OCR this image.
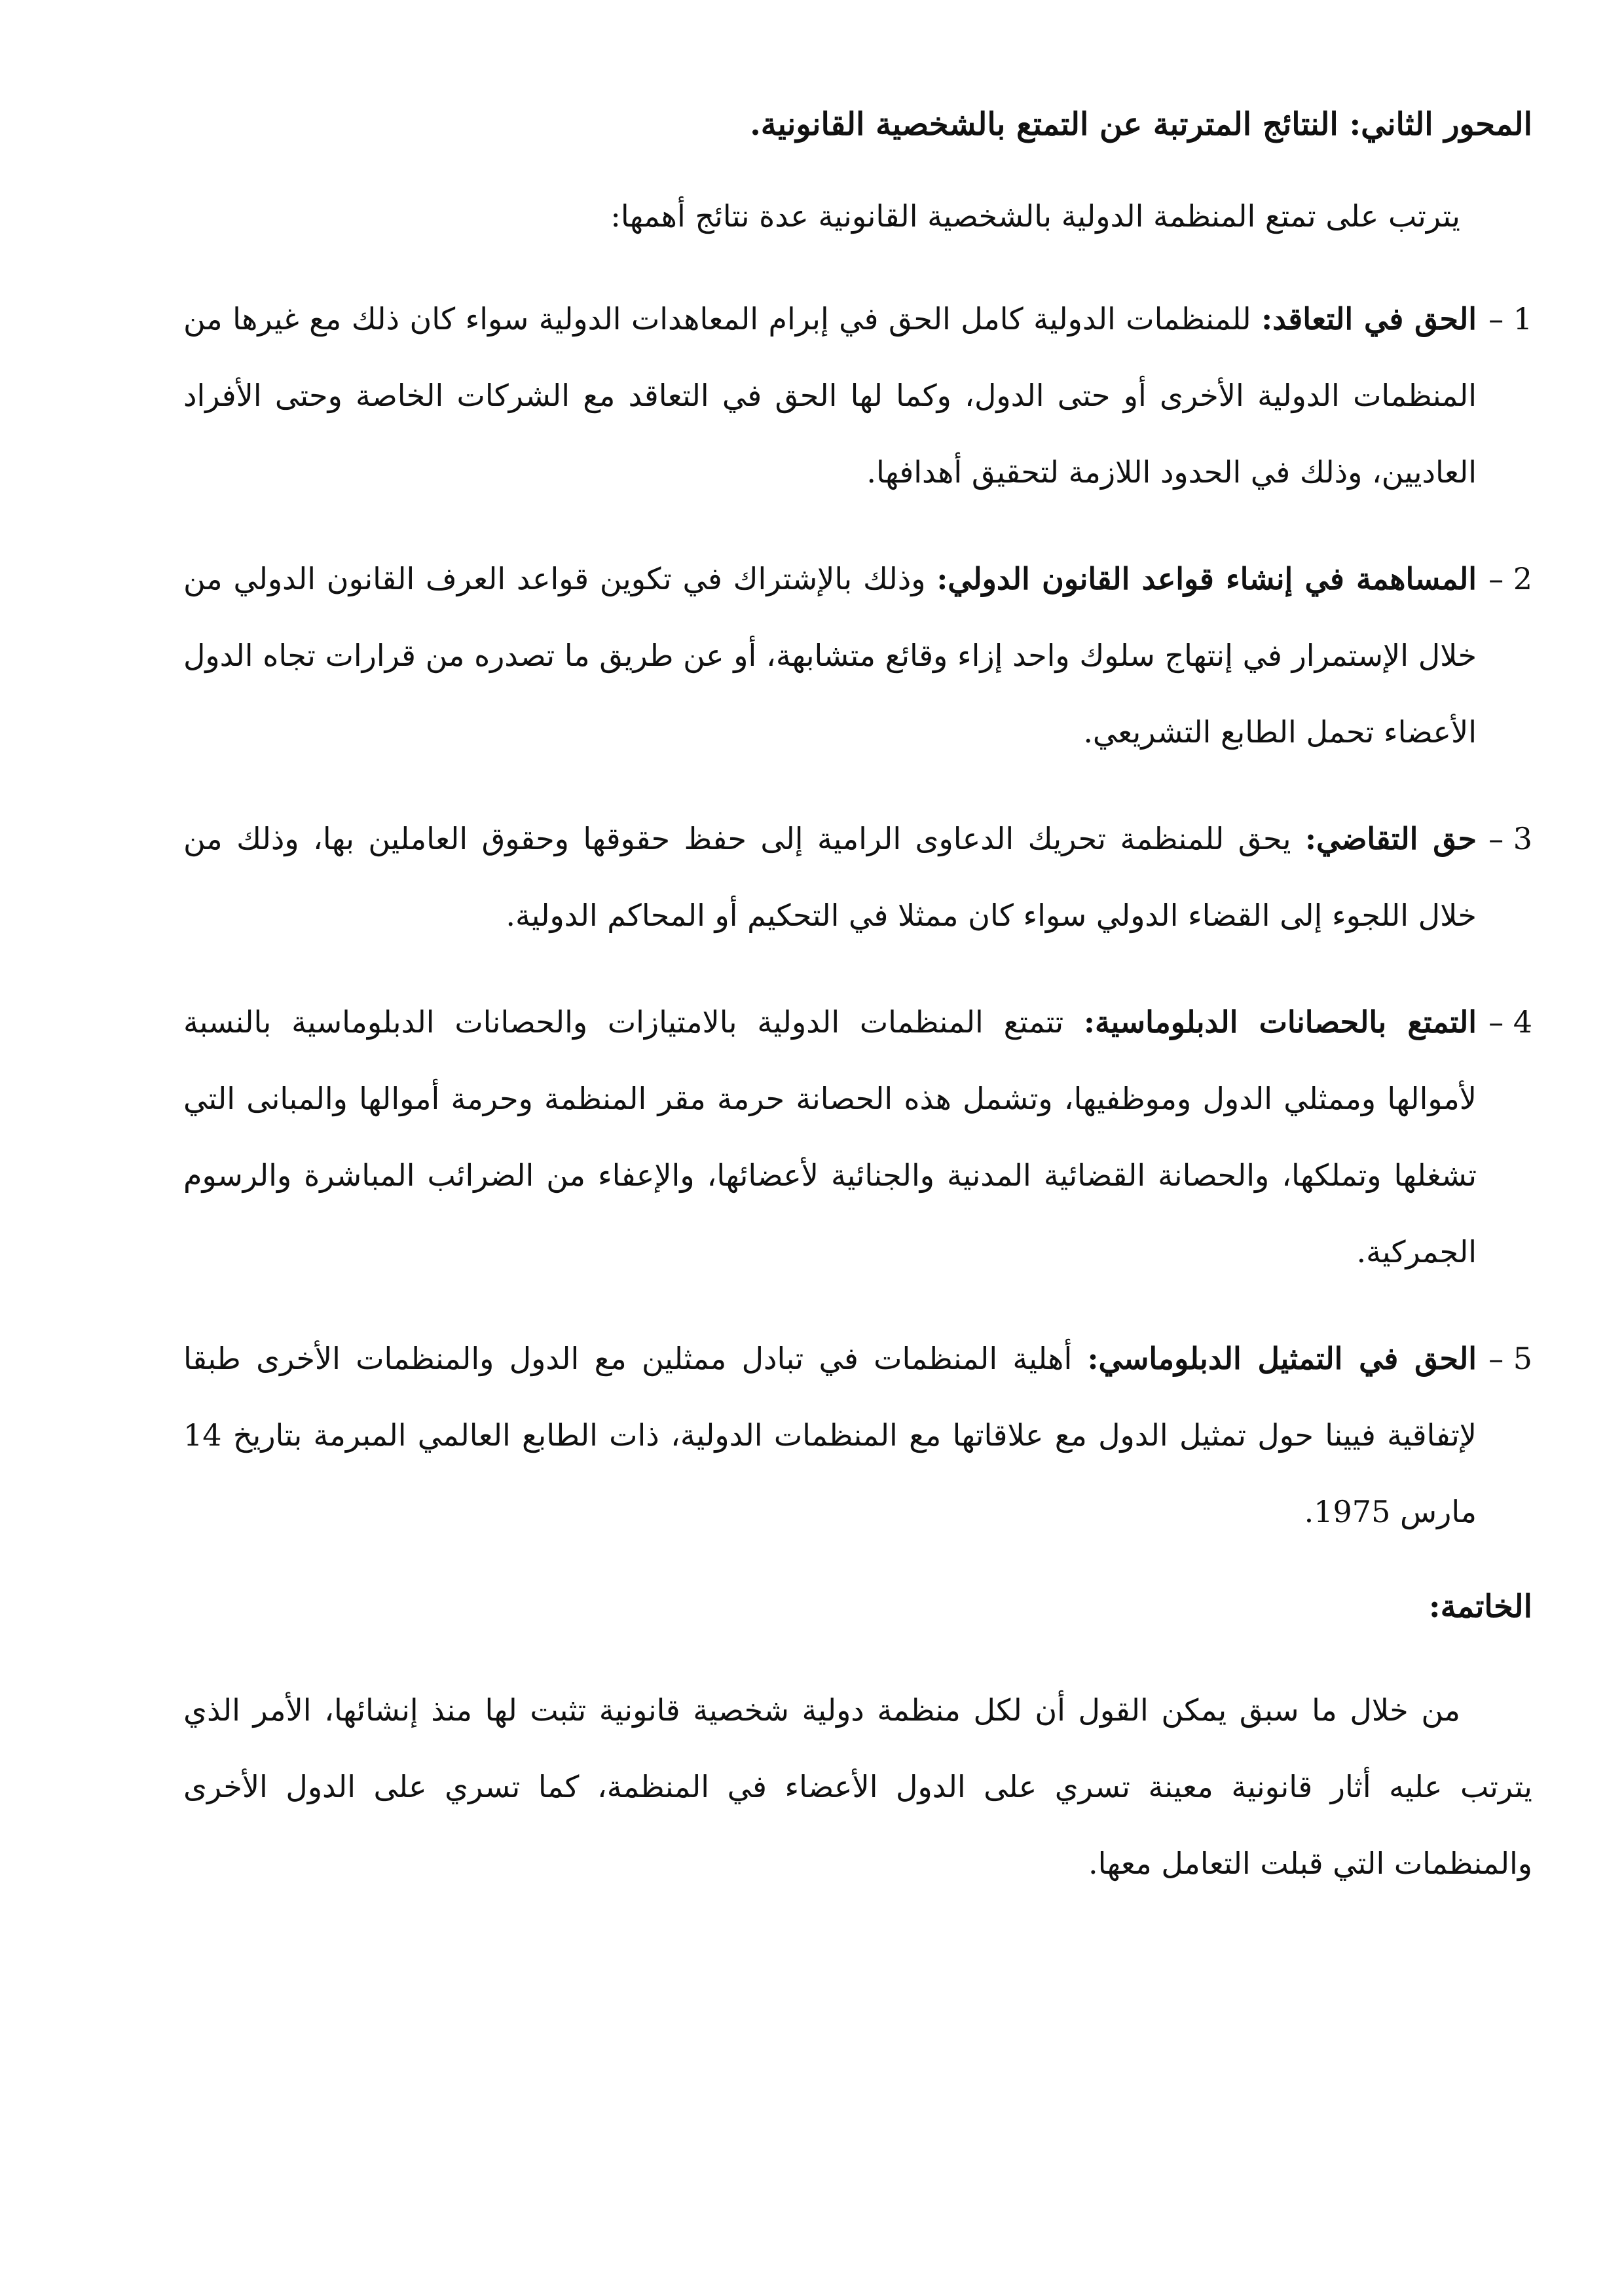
المحور الثاني: النتائج المترتبة عن التمتع بالشخصية القانونية.

يترتب على تمتع المنظمة الدولية بالشخصية القانونية عدة نتائج أهمها:

1 –
الحق في التعاقد: للمنظمات الدولية كامل الحق في إبرام المعاهدات الدولية سواء كان ذلك مع غيرها من المنظمات الدولية الأخرى أو حتى الدول، وكما لها الحق في التعاقد مع الشركات الخاصة وحتى الأفراد العاديين، وذلك في الحدود اللازمة لتحقيق أهدافها.
2 –
المساهمة في إنشاء قواعد القانون الدولي: وذلك بالإشتراك في تكوين قواعد العرف القانون الدولي من خلال الإستمرار في إنتهاج سلوك واحد إزاء وقائع متشابهة، أو عن طريق ما تصدره من قرارات تجاه الدول الأعضاء تحمل الطابع التشريعي.
3 –
حق التقاضي: يحق للمنظمة تحريك الدعاوى الرامية إلى حفظ حقوقها وحقوق العاملين بها، وذلك من خلال اللجوء إلى القضاء الدولي سواء كان ممثلا في التحكيم أو المحاكم الدولية.
4 –
التمتع بالحصانات الدبلوماسية: تتمتع المنظمات الدولية بالامتيازات والحصانات الدبلوماسية بالنسبة لأموالها وممثلي الدول وموظفيها، وتشمل هذه الحصانة حرمة مقر المنظمة وحرمة أموالها والمبانى التي تشغلها وتملكها، والحصانة القضائية المدنية والجنائية لأعضائها، والإعفاء من الضرائب المباشرة والرسوم الجمركية.
5 –
الحق في التمثيل الدبلوماسي: أهلية المنظمات في تبادل ممثلين مع الدول والمنظمات الأخرى طبقا لإتفاقية فيينا حول تمثيل الدول مع علاقاتها مع المنظمات الدولية، ذات الطابع العالمي المبرمة بتاريخ 14 مارس 1975.

الخاتمة:

من خلال ما سبق يمكن القول أن لكل منظمة دولية شخصية قانونية تثبت لها منذ إنشائها، الأمر الذي يترتب عليه أثار قانونية معينة تسري على الدول الأعضاء في المنظمة، كما تسري على الدول الأخرى والمنظمات التي قبلت التعامل معها.
